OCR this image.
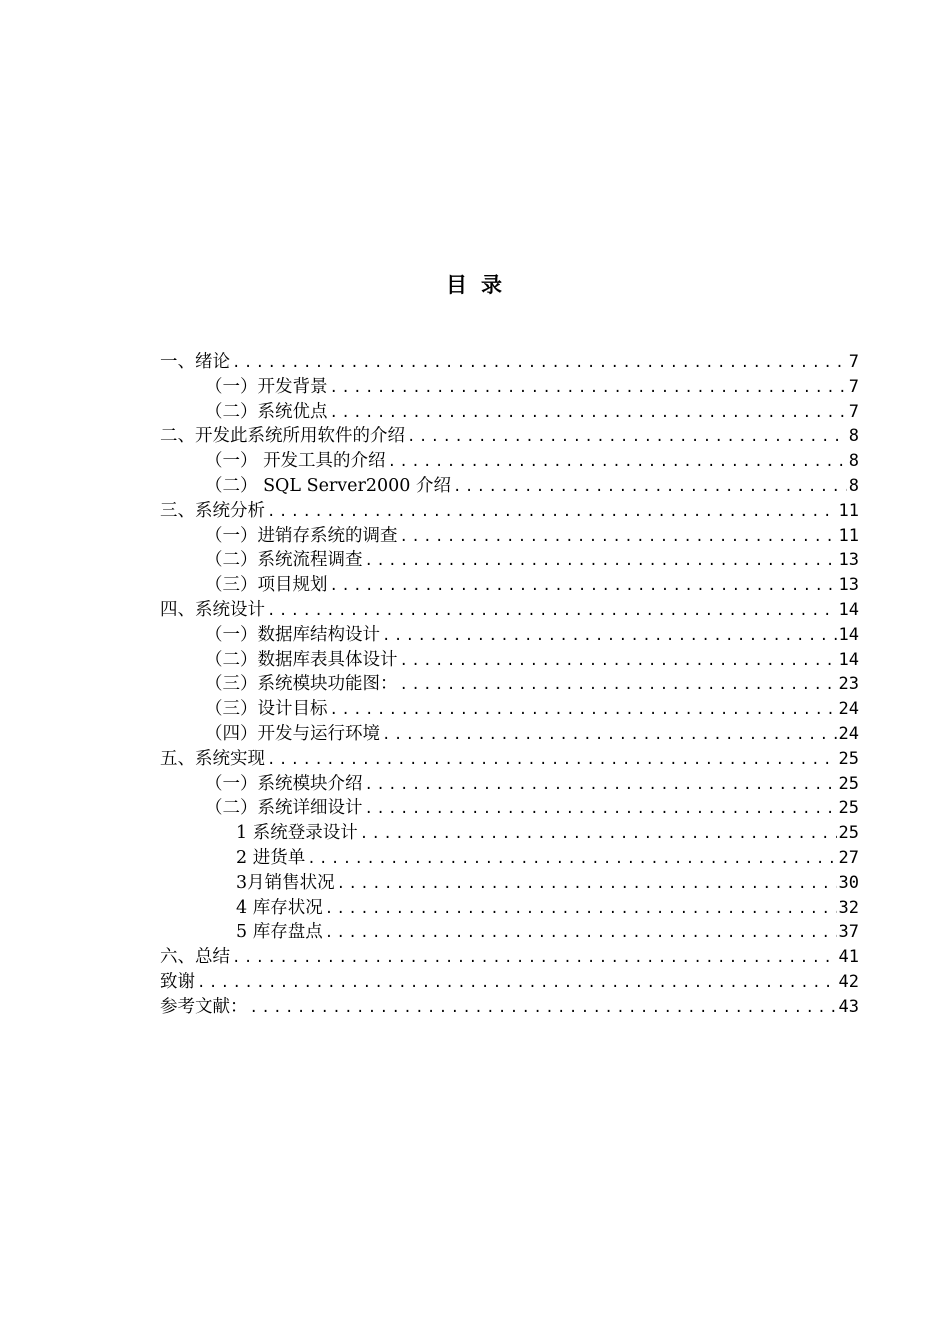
目 录
一、绪论 .....	7
（一）开发背景 .....	7
（二）系统优点 .....	7
二、开发此系统所用软件的介绍 .....	8
（一） 开发工具的介绍 .....	8
（二） SQL Server2000 介绍 .....	8
三、系统分析 .....	11
（一）进销存系统的调查 .....	11
（二）系统流程调查 .....	13
（三）项目规划 .....	13
四、系统设计 .....	14
（一）数据库结构设计 .....	14
（二）数据库表具体设计 .....	14
（三）系统模块功能图： .....	23
（三）设计目标 .....	24
（四）开发与运行环境 .....	24
五、系统实现 .....	25
（一）系统模块介绍 .....	25
（二）系统详细设计 .....	25
1 系统登录设计 .....	25
2 进货单 .....	27
3月销售状况 .....	30
4 库存状况 .....	32
5 库存盘点 .....	37
六、总结 .....	41
致谢 .....	42
参考文献： .....	43
